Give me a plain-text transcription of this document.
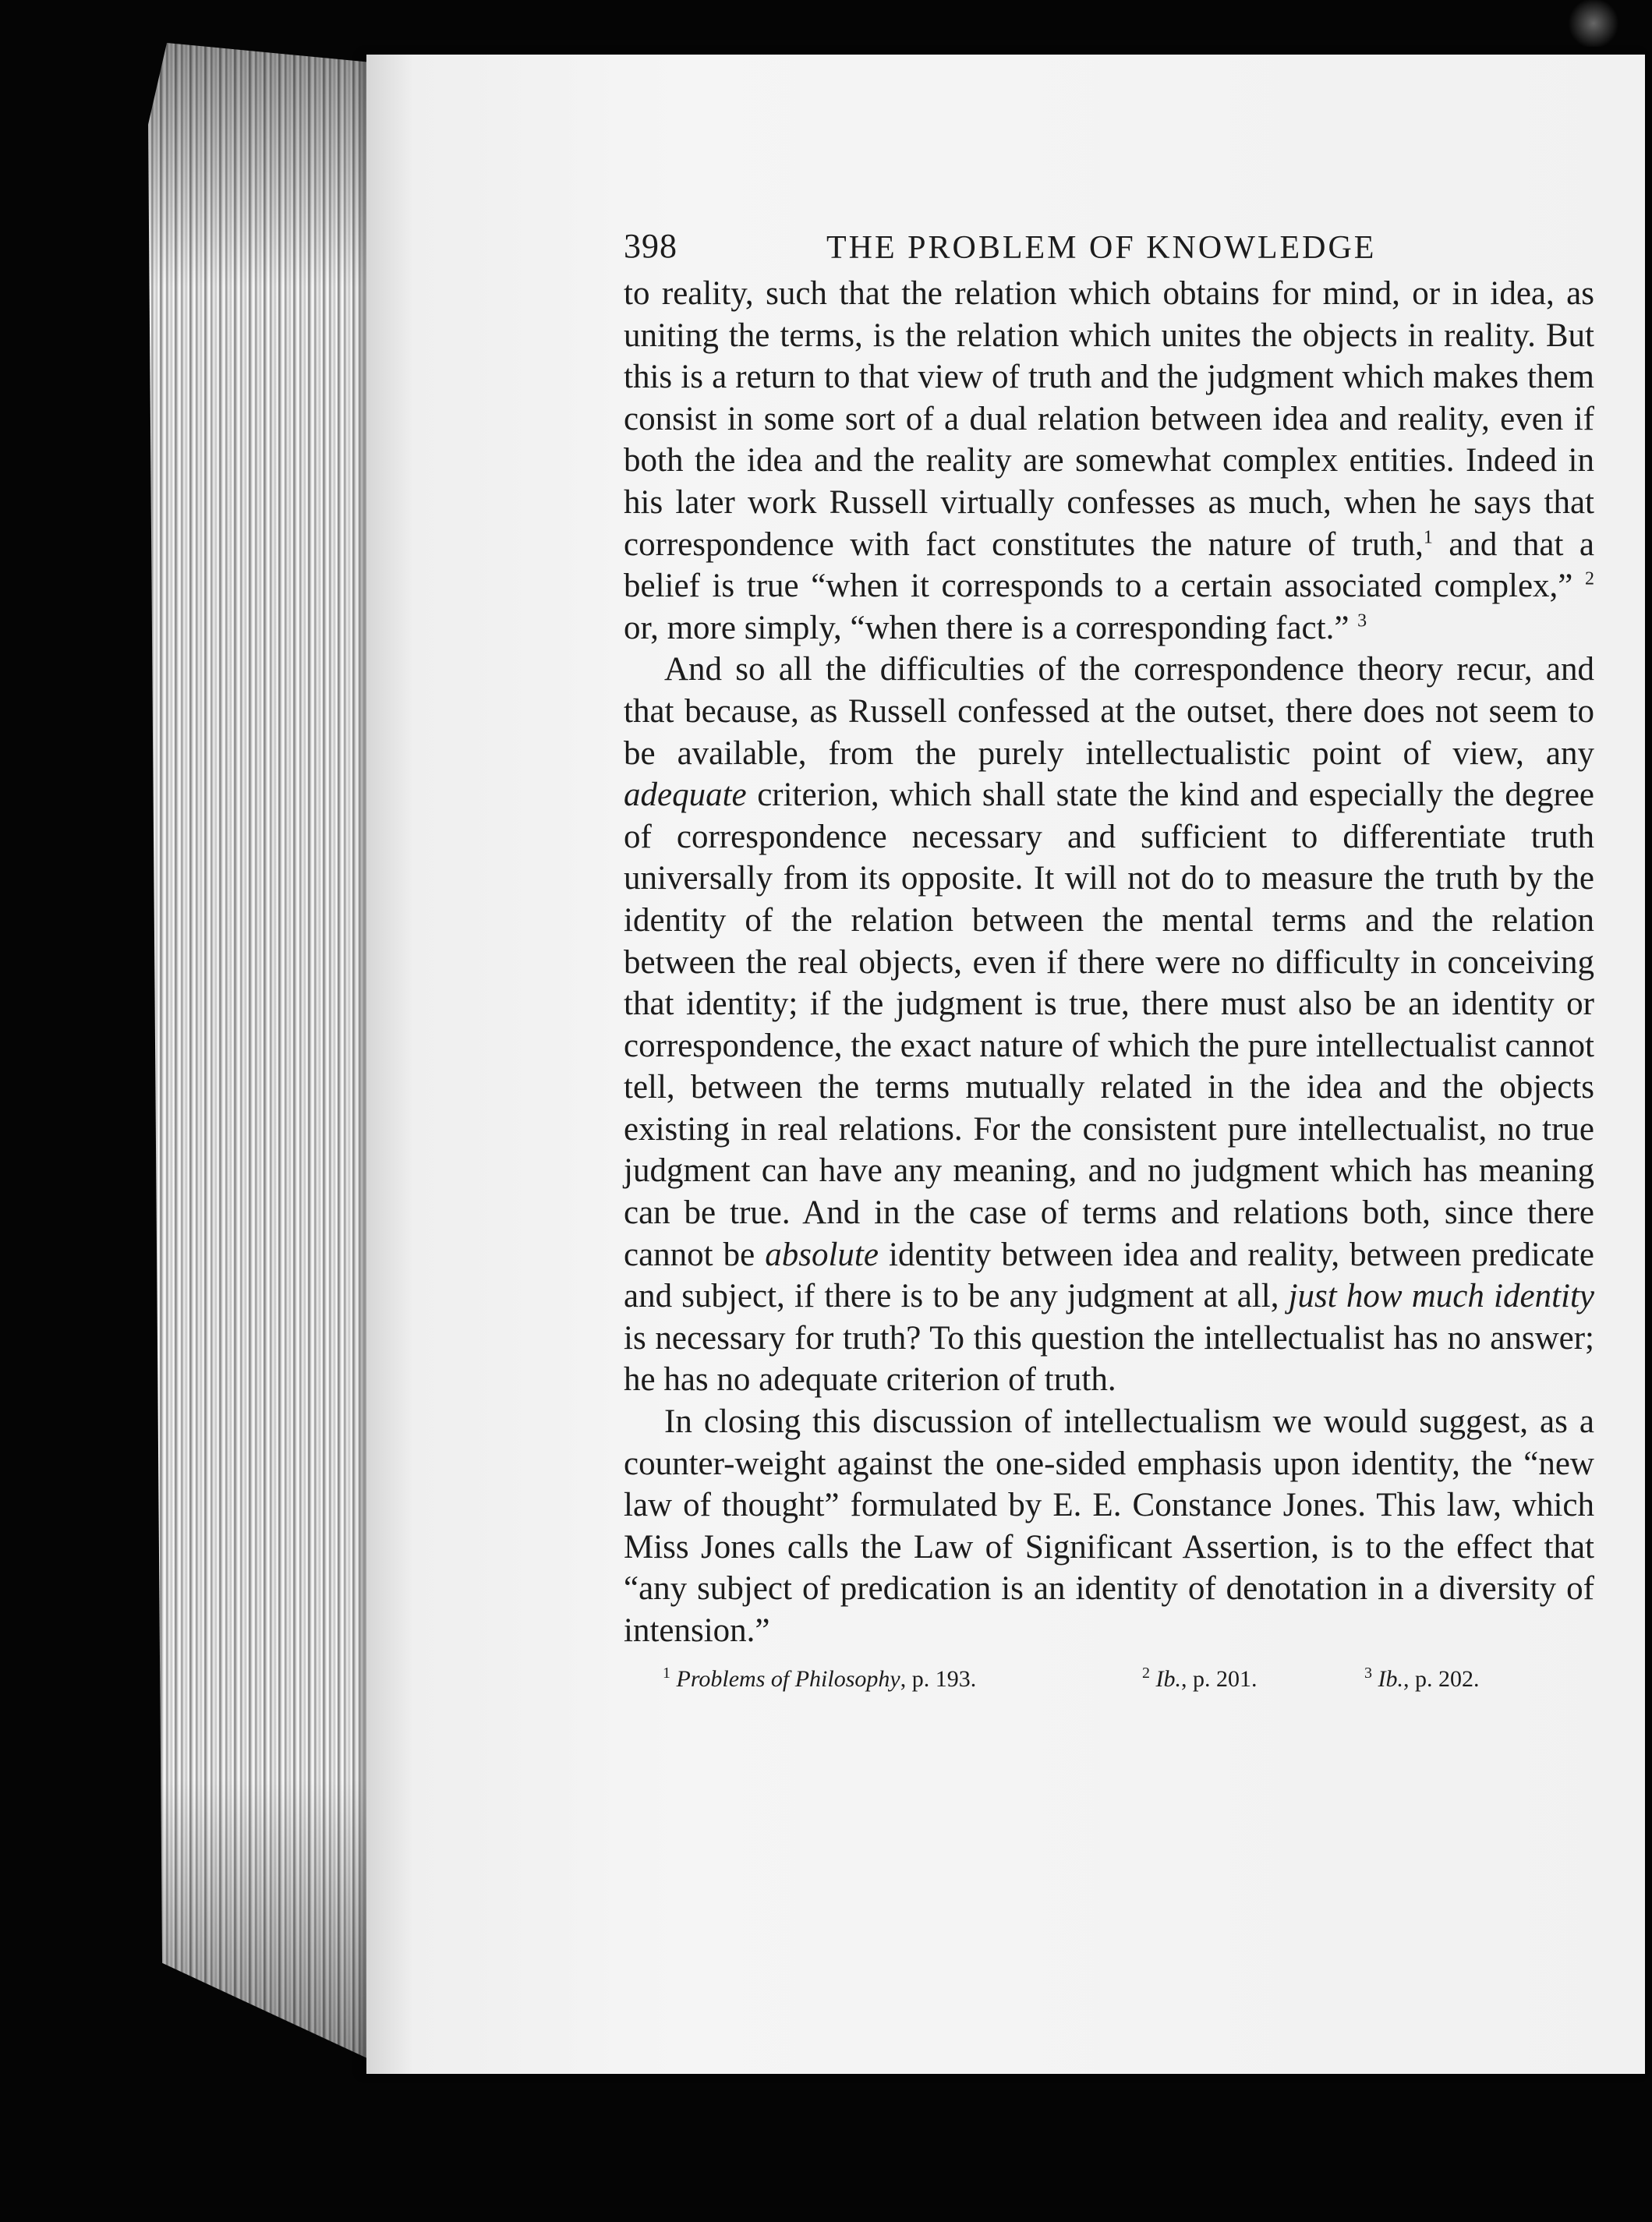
398	THE PROBLEM OF KNOWLEDGE

to reality, such that the relation which obtains for mind, or in idea, as uniting the terms, is the relation which unites the objects in reality. But this is a return to that view of truth and the judgment which makes them consist in some sort of a dual relation between idea and reality, even if both the idea and the reality are somewhat complex entities. Indeed in his later work Russell virtually confesses as much, when he says that correspondence with fact constitutes the nature of truth,$^1$ and that a belief is true “when it corresponds to a certain associated complex,” $^2$ or, more simply, “when there is a corresponding fact.” $^3$

And so all the difficulties of the correspondence theory recur, and that because, as Russell confessed at the outset, there does not seem to be available, from the purely intellectualistic point of view, any adequate criterion, which shall state the kind and especially the degree of correspondence necessary and sufficient to differentiate truth universally from its opposite. It will not do to measure the truth by the identity of the relation between the mental terms and the relation between the real objects, even if there were no difficulty in conceiving that identity; if the judgment is true, there must also be an identity or correspondence, the exact nature of which the pure intellectualist cannot tell, between the terms mutually related in the idea and the objects existing in real relations. For the consistent pure intellectualist, no true judgment can have any meaning, and no judgment which has meaning can be true. And in the case of terms and relations both, since there cannot be absolute identity between idea and reality, between predicate and subject, if there is to be any judgment at all, just how much identity is necessary for truth? To this question the intellectualist has no answer; he has no adequate criterion of truth.

In closing this discussion of intellectualism we would suggest, as a counter-weight against the one-sided emphasis upon identity, the “new law of thought” formulated by E. E. Constance Jones. This law, which Miss Jones calls the Law of Significant Assertion, is to the effect that “any subject of predication is an identity of denotation in a diversity of intension.”

$^1$ Problems of Philosophy, p. 193.	$^2$ Ib., p. 201.	$^3$ Ib., p. 202.
